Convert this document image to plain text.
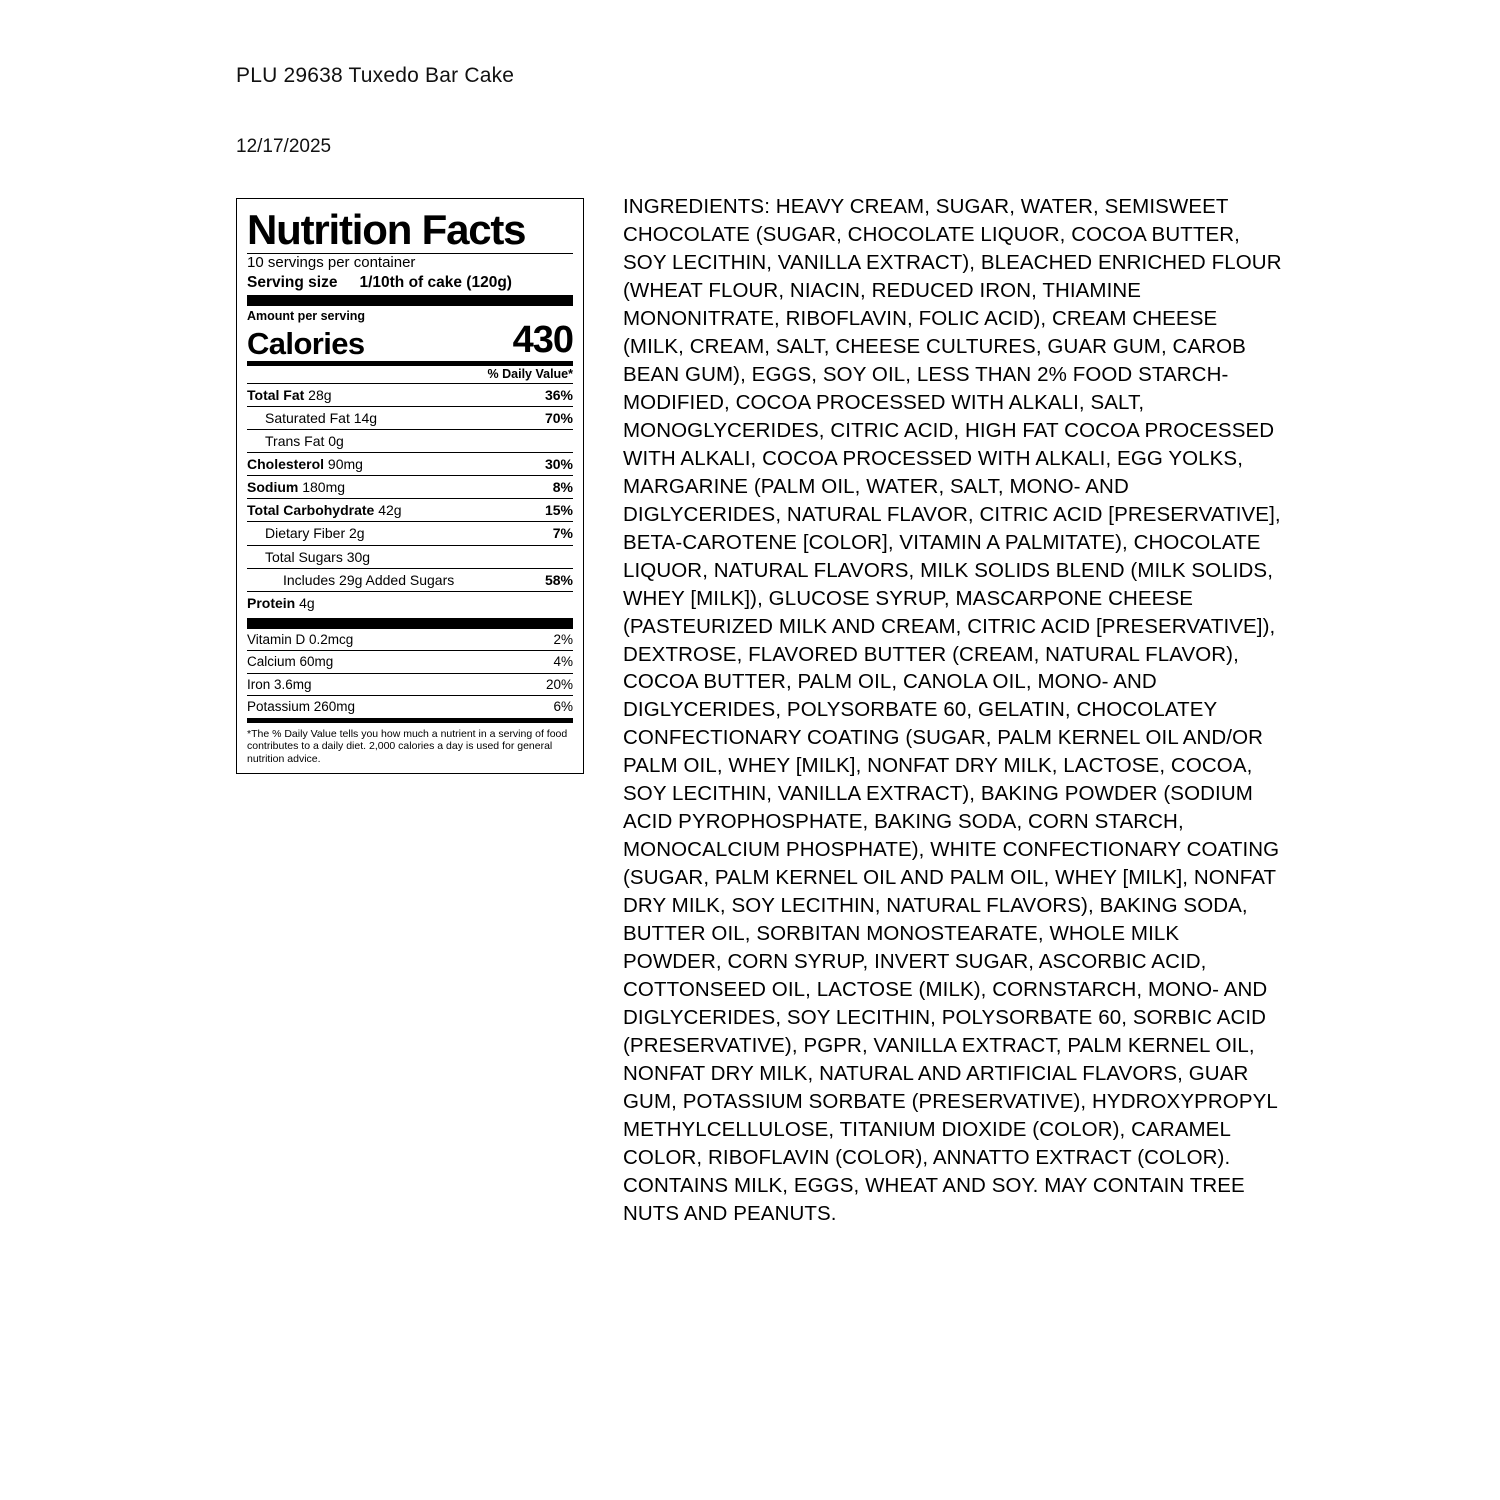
PLU 29638 Tuxedo Bar Cake
12/17/2025
Nutrition Facts
10 servings per container
Serving size 1/10th of cake (120g)
Amount per serving
Calories	430
% Daily Value*
Total Fat 28g	36%
Saturated Fat 14g	70%
Trans Fat 0g
Cholesterol 90mg	30%
Sodium 180mg	8%
Total Carbohydrate 42g	15%
Dietary Fiber 2g	7%
Total Sugars 30g
Includes 29g Added Sugars	58%
Protein 4g
Vitamin D 0.2mcg	2%
Calcium 60mg	4%
Iron 3.6mg	20%
Potassium 260mg	6%
*The % Daily Value tells you how much a nutrient in a serving of food contributes to a daily diet. 2,000 calories a day is used for general nutrition advice.
INGREDIENTS: HEAVY CREAM, SUGAR, WATER, SEMISWEET CHOCOLATE (SUGAR, CHOCOLATE LIQUOR, COCOA BUTTER, SOY LECITHIN, VANILLA EXTRACT), BLEACHED ENRICHED FLOUR (WHEAT FLOUR, NIACIN, REDUCED IRON, THIAMINE MONONITRATE, RIBOFLAVIN, FOLIC ACID), CREAM CHEESE (MILK, CREAM, SALT, CHEESE CULTURES, GUAR GUM, CAROB BEAN GUM), EGGS, SOY OIL, LESS THAN 2% FOOD STARCH-MODIFIED, COCOA PROCESSED WITH ALKALI, SALT, MONOGLYCERIDES, CITRIC ACID, HIGH FAT COCOA PROCESSED WITH ALKALI, COCOA PROCESSED WITH ALKALI, EGG YOLKS, MARGARINE (PALM OIL, WATER, SALT, MONO- AND DIGLYCERIDES, NATURAL FLAVOR, CITRIC ACID [PRESERVATIVE], BETA-CAROTENE [COLOR], VITAMIN A PALMITATE), CHOCOLATE LIQUOR, NATURAL FLAVORS, MILK SOLIDS BLEND (MILK SOLIDS, WHEY [MILK]), GLUCOSE SYRUP, MASCARPONE CHEESE (PASTEURIZED MILK AND CREAM, CITRIC ACID [PRESERVATIVE]), DEXTROSE, FLAVORED BUTTER (CREAM, NATURAL FLAVOR), COCOA BUTTER, PALM OIL, CANOLA OIL, MONO- AND DIGLYCERIDES, POLYSORBATE 60, GELATIN, CHOCOLATEY CONFECTIONARY COATING (SUGAR, PALM KERNEL OIL AND/OR PALM OIL, WHEY [MILK], NONFAT DRY MILK, LACTOSE, COCOA, SOY LECITHIN, VANILLA EXTRACT), BAKING POWDER (SODIUM ACID PYROPHOSPHATE, BAKING SODA, CORN STARCH, MONOCALCIUM PHOSPHATE), WHITE CONFECTIONARY COATING (SUGAR, PALM KERNEL OIL AND PALM OIL, WHEY [MILK], NONFAT DRY MILK, SOY LECITHIN, NATURAL FLAVORS), BAKING SODA, BUTTER OIL, SORBITAN MONOSTEARATE, WHOLE MILK POWDER, CORN SYRUP, INVERT SUGAR, ASCORBIC ACID, COTTONSEED OIL, LACTOSE (MILK), CORNSTARCH, MONO- AND DIGLYCERIDES, SOY LECITHIN, POLYSORBATE 60, SORBIC ACID (PRESERVATIVE), PGPR, VANILLA EXTRACT, PALM KERNEL OIL, NONFAT DRY MILK, NATURAL AND ARTIFICIAL FLAVORS, GUAR GUM, POTASSIUM SORBATE (PRESERVATIVE), HYDROXYPROPYL METHYLCELLULOSE, TITANIUM DIOXIDE (COLOR), CARAMEL COLOR, RIBOFLAVIN (COLOR), ANNATTO EXTRACT (COLOR). CONTAINS MILK, EGGS, WHEAT AND SOY. MAY CONTAIN TREE NUTS AND PEANUTS.
